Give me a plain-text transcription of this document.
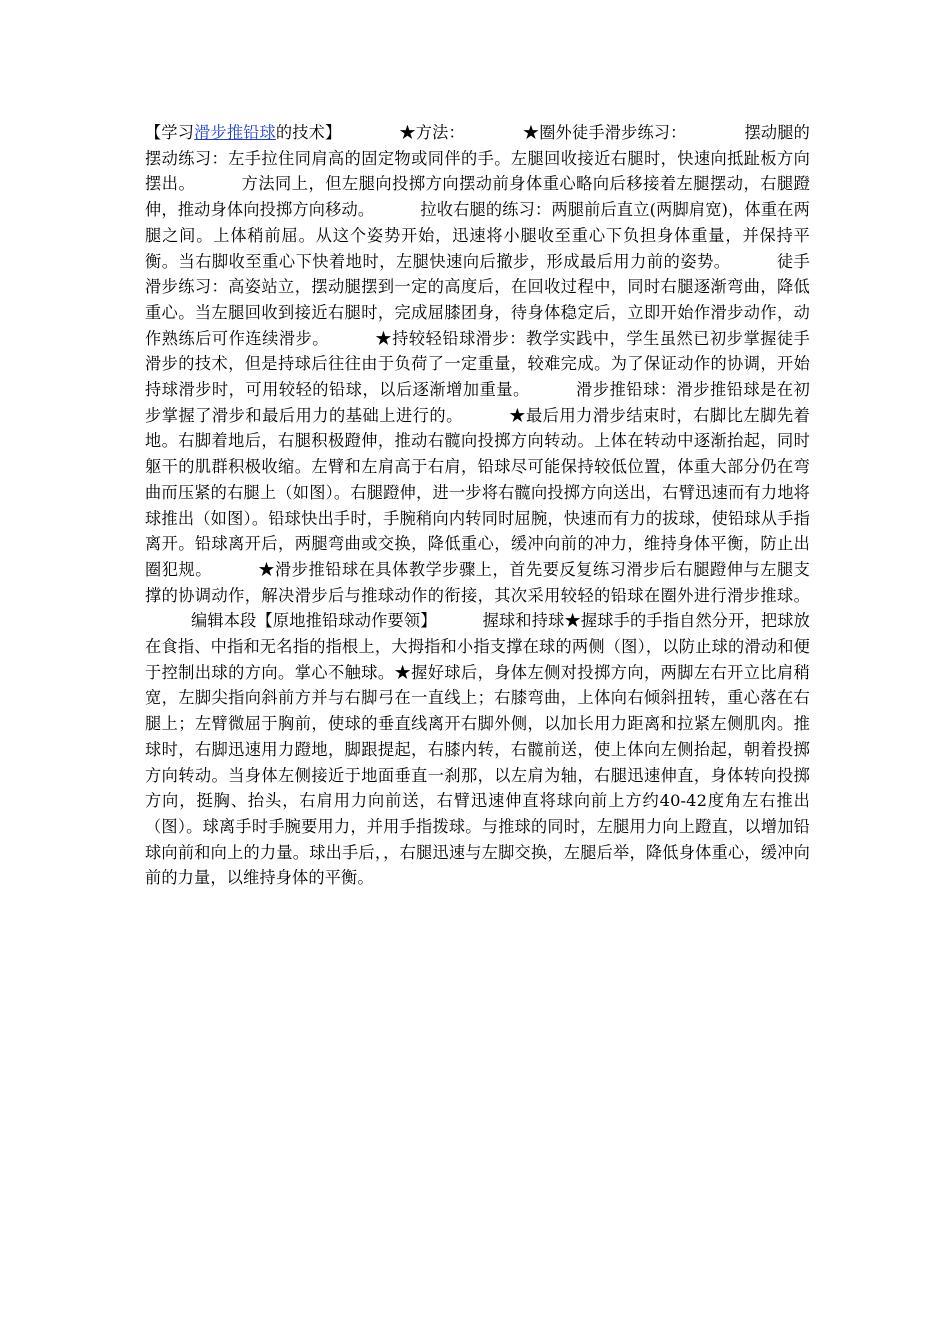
【学习滑步推铅球的技术】	★方法：	★圈外徒手滑步练习：	摆动腿的摆动练习：左手拉住同肩高的固定物或同伴的手。左腿回收接近右腿时，快速向抵趾板方向摆出。	方法同上，但左腿向投掷方向摆动前身体重心略向后移接着左腿摆动，右腿蹬伸，推动身体向投掷方向移动。	拉收右腿的练习：两腿前后直立(两脚肩宽)，体重在两腿之间。上体稍前屈。从这个姿势开始，迅速将小腿收至重心下负担身体重量，并保持平衡。当右脚收至重心下快着地时，左腿快速向后撤步，形成最后用力前的姿势。	徒手滑步练习：高姿站立，摆动腿摆到一定的高度后，在回收过程中，同时右腿逐渐弯曲，降低重心。当左腿回收到接近右腿时，完成屈膝团身，待身体稳定后，立即开始作滑步动作，动作熟练后可作连续滑步。	★持较轻铅球滑步：教学实践中，学生虽然已初步掌握徒手滑步的技术，但是持球后往往由于负荷了一定重量，较难完成。为了保证动作的协调，开始持球滑步时，可用较轻的铅球，以后逐渐增加重量。	滑步推铅球：滑步推铅球是在初步掌握了滑步和最后用力的基础上进行的。	★最后用力滑步结束时，右脚比左脚先着地。右脚着地后，右腿积极蹬伸，推动右髋向投掷方向转动。上体在转动中逐渐抬起，同时躯干的肌群积极收缩。左臂和左肩高于右肩，铅球尽可能保持较低位置，体重大部分仍在弯曲而压紧的右腿上（如图）。右腿蹬伸，进一步将右髋向投掷方向送出，右臂迅速而有力地将球推出（如图）。铅球快出手时，手腕稍向内转同时屈腕，快速而有力的拔球，使铅球从手指离开。铅球离开后，两腿弯曲或交换，降低重心，缓冲向前的冲力，维持身体平衡，防止出圈犯规。	★滑步推铅球在具体教学步骤上，首先要反复练习滑步后右腿蹬伸与左腿支撑的协调动作，解决滑步后与推球动作的衔接，其次采用较轻的铅球在圈外进行滑步推球。编辑本段【原地推铅球动作要领】	握球和持球★握球手的手指自然分开，把球放在食指、中指和无名指的指根上，大拇指和小指支撑在球的两侧（图），以防止球的滑动和便于控制出球的方向。掌心不触球。★握好球后，身体左侧对投掷方向，两脚左右开立比肩稍宽，左脚尖指向斜前方并与右脚弓在一直线上；右膝弯曲，上体向右倾斜扭转，重心落在右腿上；左臂微屈于胸前，使球的垂直线离开右脚外侧，以加长用力距离和拉紧左侧肌肉。推球时，右脚迅速用力蹬地，脚跟提起，右膝内转，右髋前送，使上体向左侧抬起，朝着投掷方向转动。当身体左侧接近于地面垂直一刹那，以左肩为轴，右腿迅速伸直，身体转向投掷方向，挺胸、抬头，右肩用力向前送，右臂迅速伸直将球向前上方约40-42度角左右推出（图）。球离手时手腕要用力，并用手指拨球。与推球的同时，左腿用力向上蹬直，以增加铅球向前和向上的力量。球出手后，，右腿迅速与左脚交换，左腿后举，降低身体重心，缓冲向前的力量，以维持身体的平衡。
